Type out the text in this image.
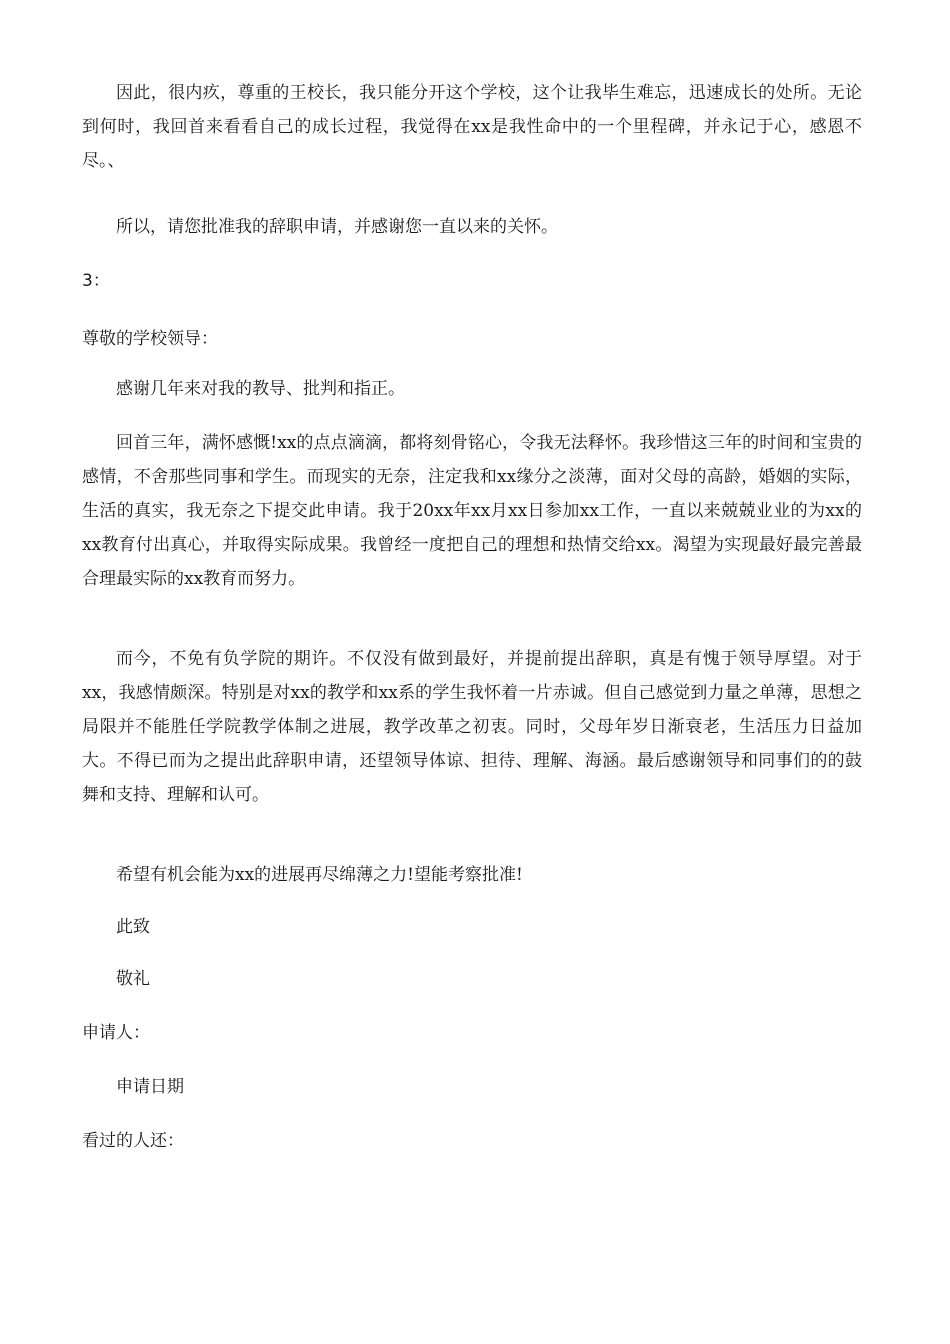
因此，很内疚，尊重的王校长，我只能分开这个学校，这个让我毕生难忘，迅速成长的处所。无论到何时，我回首来看看自己的成长过程，我觉得在xx是我性命中的一个里程碑，并永记于心，感恩不尽。、

所以，请您批准我的辞职申请，并感谢您一直以来的关怀。

3：

尊敬的学校领导：

感谢几年来对我的教导、批判和指正。

回首三年，满怀感慨!xx的点点滴滴，都将刻骨铭心，令我无法释怀。我珍惜这三年的时间和宝贵的感情，不舍那些同事和学生。而现实的无奈，注定我和xx缘分之淡薄，面对父母的高龄，婚姻的实际，生活的真实，我无奈之下提交此申请。我于20xx年xx月xx日参加xx工作，一直以来兢兢业业的为xx的xx教育付出真心，并取得实际成果。我曾经一度把自己的理想和热情交给xx。渴望为实现最好最完善最合理最实际的xx教育而努力。

而今，不免有负学院的期许。不仅没有做到最好，并提前提出辞职，真是有愧于领导厚望。对于xx，我感情颇深。特别是对xx的教学和xx系的学生我怀着一片赤诚。但自己感觉到力量之单薄，思想之局限并不能胜任学院教学体制之进展，教学改革之初衷。同时，父母年岁日渐衰老，生活压力日益加大。不得已而为之提出此辞职申请，还望领导体谅、担待、理解、海涵。最后感谢领导和同事们的的鼓舞和支持、理解和认可。

希望有机会能为xx的进展再尽绵薄之力!望能考察批准!

此致

敬礼

申请人：

申请日期

看过的人还：
